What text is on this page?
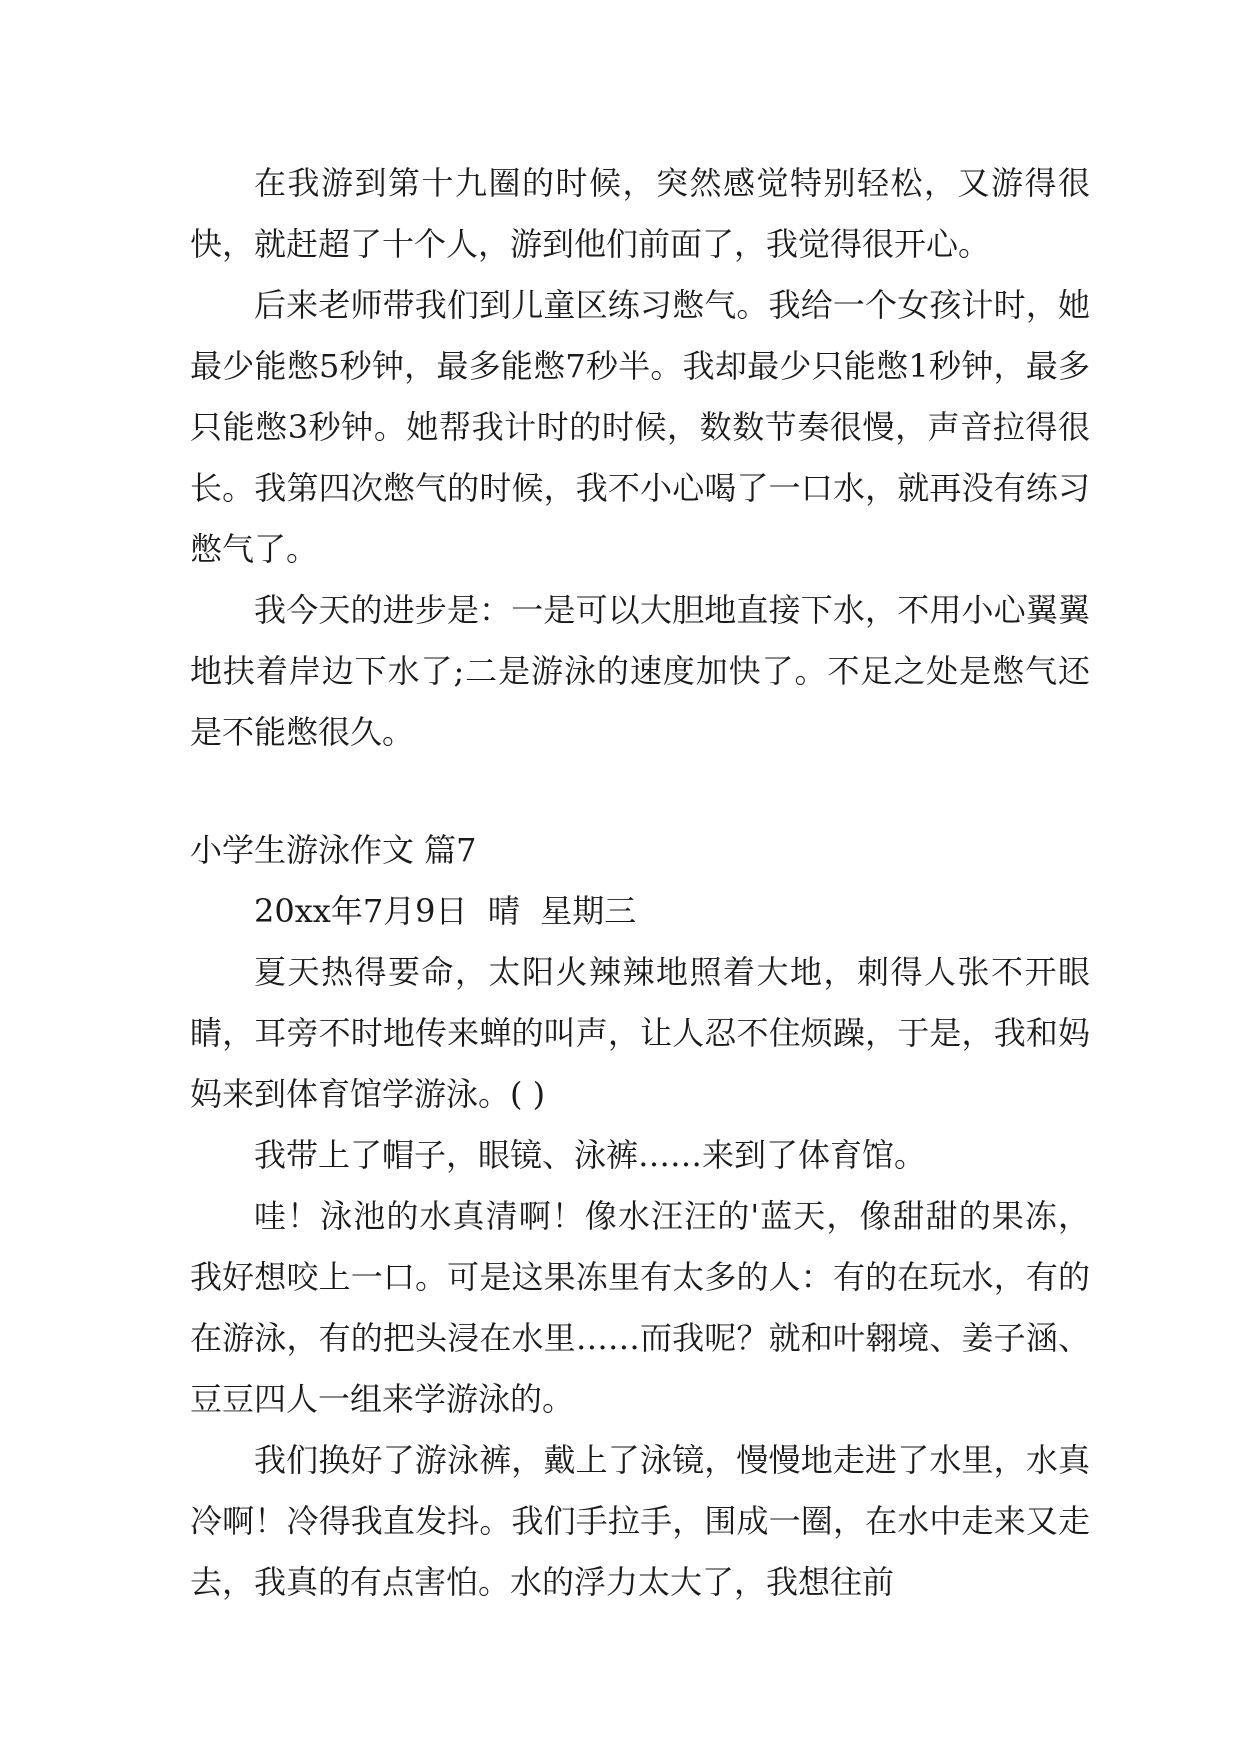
在我游到第十九圈的时候，突然感觉特别轻松，又游得很快，就赶超了十个人，游到他们前面了，我觉得很开心。

后来老师带我们到儿童区练习憋气。我给一个女孩计时，她最少能憋5秒钟，最多能憋7秒半。我却最少只能憋1秒钟，最多只能憋3秒钟。她帮我计时的时候，数数节奏很慢，声音拉得很长。我第四次憋气的时候，我不小心喝了一口水，就再没有练习憋气了。

我今天的进步是：一是可以大胆地直接下水，不用小心翼翼地扶着岸边下水了;二是游泳的速度加快了。不足之处是憋气还是不能憋很久。

小学生游泳作文 篇7

20xx年7月9日  晴  星期三

夏天热得要命，太阳火辣辣地照着大地，刺得人张不开眼睛，耳旁不时地传来蝉的叫声，让人忍不住烦躁，于是，我和妈妈来到体育馆学游泳。( )

我带上了帽子，眼镜、泳裤……来到了体育馆。

哇！泳池的水真清啊！像水汪汪的'蓝天，像甜甜的果冻，我好想咬上一口。可是这果冻里有太多的人：有的在玩水，有的在游泳，有的把头浸在水里……而我呢？就和叶翱境、姜子涵、豆豆四人一组来学游泳的。

我们换好了游泳裤，戴上了泳镜，慢慢地走进了水里，水真冷啊！冷得我直发抖。我们手拉手，围成一圈，在水中走来又走去，我真的有点害怕。水的浮力太大了，我想往前
